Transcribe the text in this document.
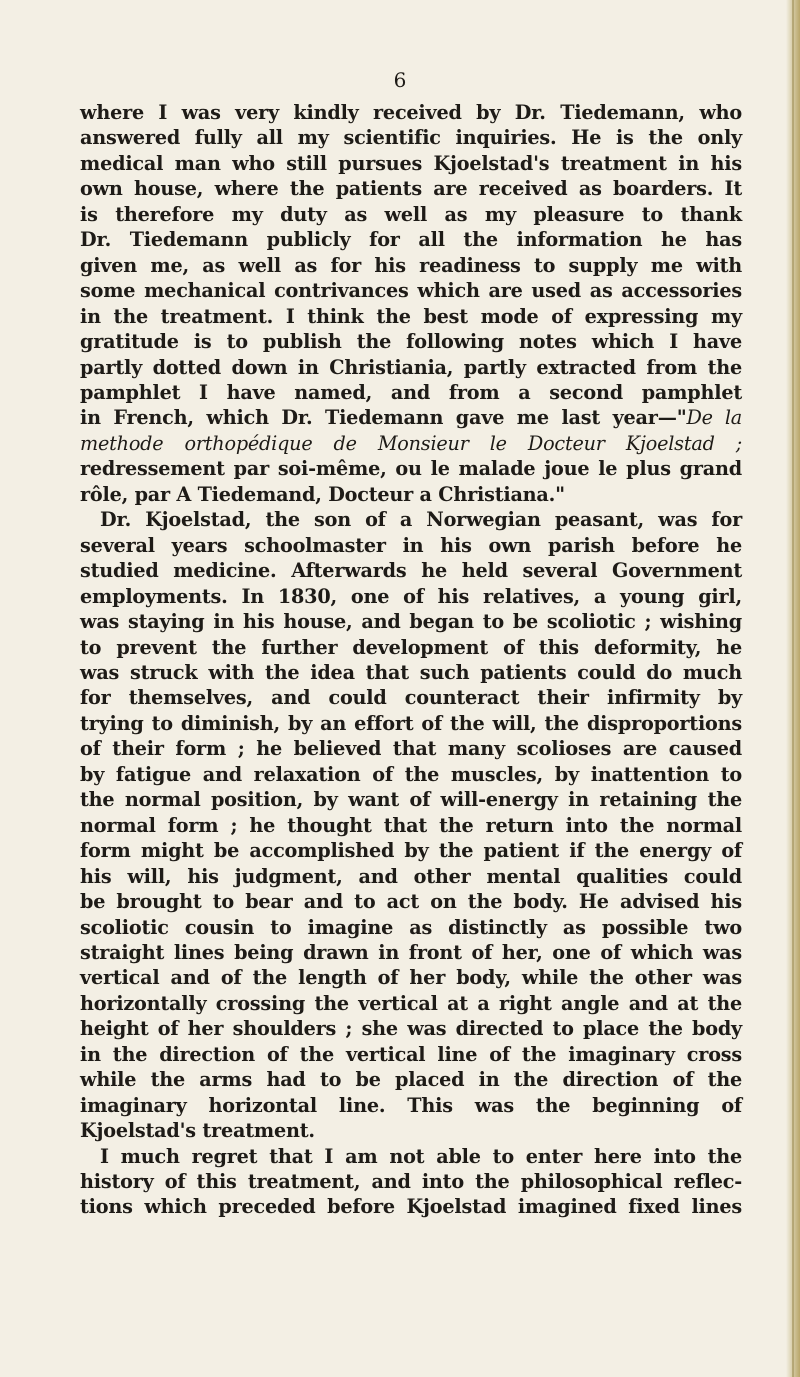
6
where I was very kindly received by Dr. Tiedemann, who
answered fully all my scientific inquiries. He is the only
medical man who still pursues Kjoelstad's treatment in his
own house, where the patients are received as boarders. It
is therefore my duty as well as my pleasure to thank
Dr. Tiedemann publicly for all the information he has
given me, as well as for his readiness to supply me with
some mechanical contrivances which are used as accessories
in the treatment. I think the best mode of expressing my
gratitude is to publish the following notes which I have
partly dotted down in Christiania, partly extracted from the
pamphlet I have named, and from a second pamphlet
in French, which Dr. Tiedemann gave me last year—"De la
methode orthopédique de Monsieur le Docteur Kjoelstad ;
redressement par soi-même, ou le malade joue le plus grand
rôle, par A Tiedemand, Docteur a Christiana."
Dr. Kjoelstad, the son of a Norwegian peasant, was for
several years schoolmaster in his own parish before he
studied medicine. Afterwards he held several Government
employments. In 1830, one of his relatives, a young girl,
was staying in his house, and began to be scoliotic ; wishing
to prevent the further development of this deformity, he
was struck with the idea that such patients could do much
for themselves, and could counteract their infirmity by
trying to diminish, by an effort of the will, the disproportions
of their form ; he believed that many scolioses are caused
by fatigue and relaxation of the muscles, by inattention to
the normal position, by want of will-energy in retaining the
normal form ; he thought that the return into the normal
form might be accomplished by the patient if the energy of
his will, his judgment, and other mental qualities could
be brought to bear and to act on the body. He advised his
scoliotic cousin to imagine as distinctly as possible two
straight lines being drawn in front of her, one of which was
vertical and of the length of her body, while the other was
horizontally crossing the vertical at a right angle and at the
height of her shoulders ; she was directed to place the body
in the direction of the vertical line of the imaginary cross
while the arms had to be placed in the direction of the
imaginary horizontal line. This was the beginning of
Kjoelstad's treatment.
I much regret that I am not able to enter here into the
history of this treatment, and into the philosophical reflec-
tions which preceded before Kjoelstad imagined fixed lines
